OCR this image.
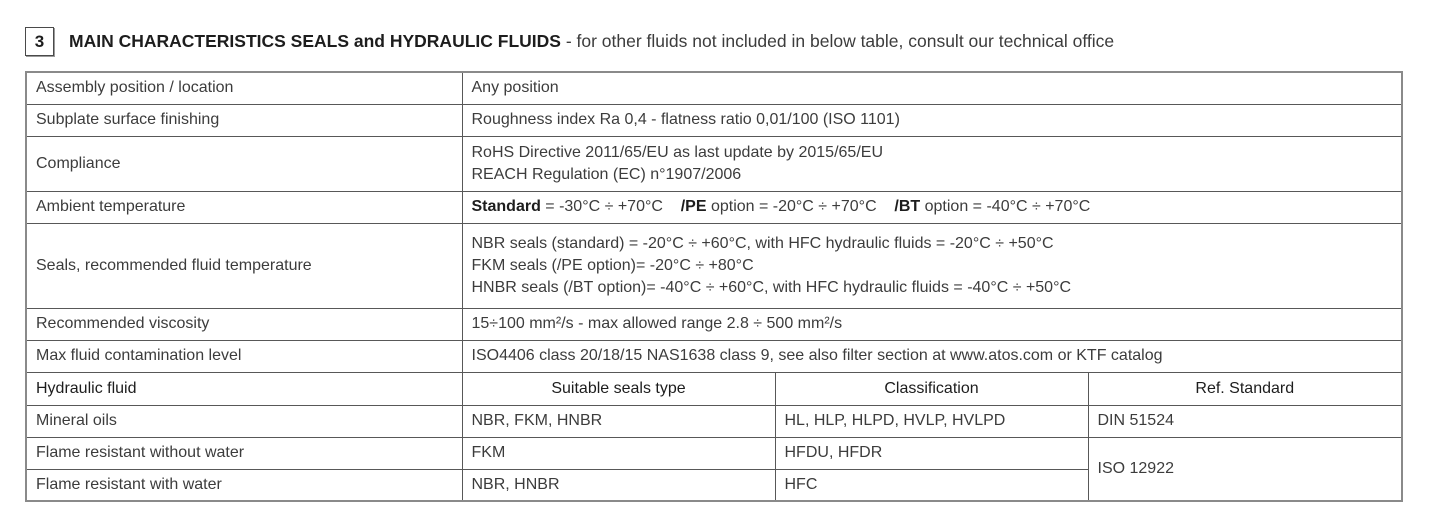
3	MAIN CHARACTERISTICS SEALS and HYDRAULIC FLUIDS - for other fluids not included in below table, consult our technical office
Assembly position / location	Any position		
Subplate surface finishing	Roughness index Ra 0,4 - flatness ratio 0,01/100 (ISO 1101)		
Compliance	RoHS Directive 2011/65/EU as last update by 2015/65/EU
REACH Regulation (EC) n°1907/2006		
Ambient temperature	Standard = -30°C ÷ +70°C    /PE option = -20°C ÷ +70°C    /BT option = -40°C ÷ +70°C		
Seals, recommended fluid temperature	NBR seals (standard) = -20°C ÷ +60°C, with HFC hydraulic fluids = -20°C ÷ +50°C
FKM seals (/PE option)= -20°C ÷ +80°C
HNBR seals (/BT option)= -40°C ÷ +60°C, with HFC hydraulic fluids = -40°C ÷ +50°C		
Recommended viscosity	15÷100 mm²/s - max allowed range 2.8 ÷ 500 mm²/s		
Max fluid contamination level	ISO4406 class 20/18/15 NAS1638 class 9, see also filter section at www.atos.com or KTF catalog		
Hydraulic fluid	Suitable seals type	Classification	Ref. Standard
Mineral oils	NBR, FKM, HNBR	HL, HLP, HLPD, HVLP, HVLPD	DIN 51524
Flame resistant without water	FKM	HFDU, HFDR	ISO 12922
Flame resistant with water	NBR, HNBR	HFC	
